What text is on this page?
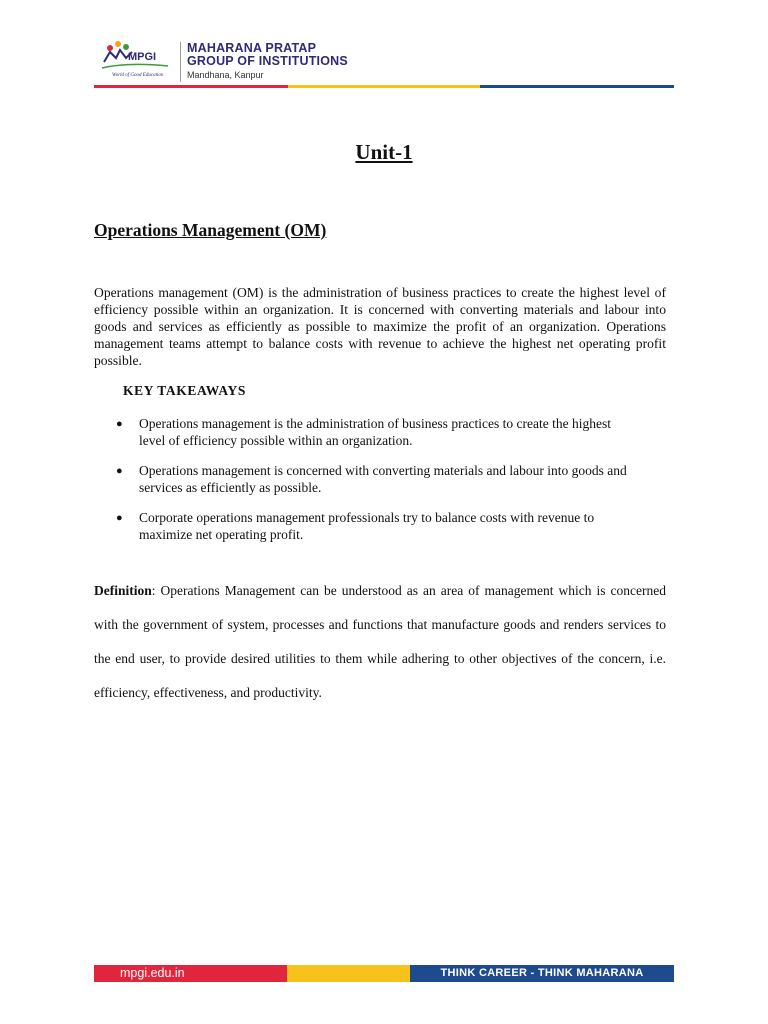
MPGI
World of Good Education
MAHARANA PRATAP
GROUP OF INSTITUTIONS
Mandhana, Kanpur
Unit-1
Operations Management (OM)
Operations management (OM) is the administration of business practices to create the highest level of efficiency possible within an organization. It is concerned with converting materials and labour into goods and services as efficiently as possible to maximize the profit of an organization. Operations management teams attempt to balance costs with revenue to achieve the highest net operating profit possible.
KEY TAKEAWAYS
● Operations management is the administration of business practices to create the highest level of efficiency possible within an organization.
● Operations management is concerned with converting materials and labour into goods and services as efficiently as possible.
● Corporate operations management professionals try to balance costs with revenue to maximize net operating profit.
Definition: Operations Management can be understood as an area of management which is concerned with the government of system, processes and functions that manufacture goods and renders services to the end user, to provide desired utilities to them while adhering to other objectives of the concern, i.e. efficiency, effectiveness, and productivity.
mpgi.edu.in	THINK CAREER - THINK MAHARANA
